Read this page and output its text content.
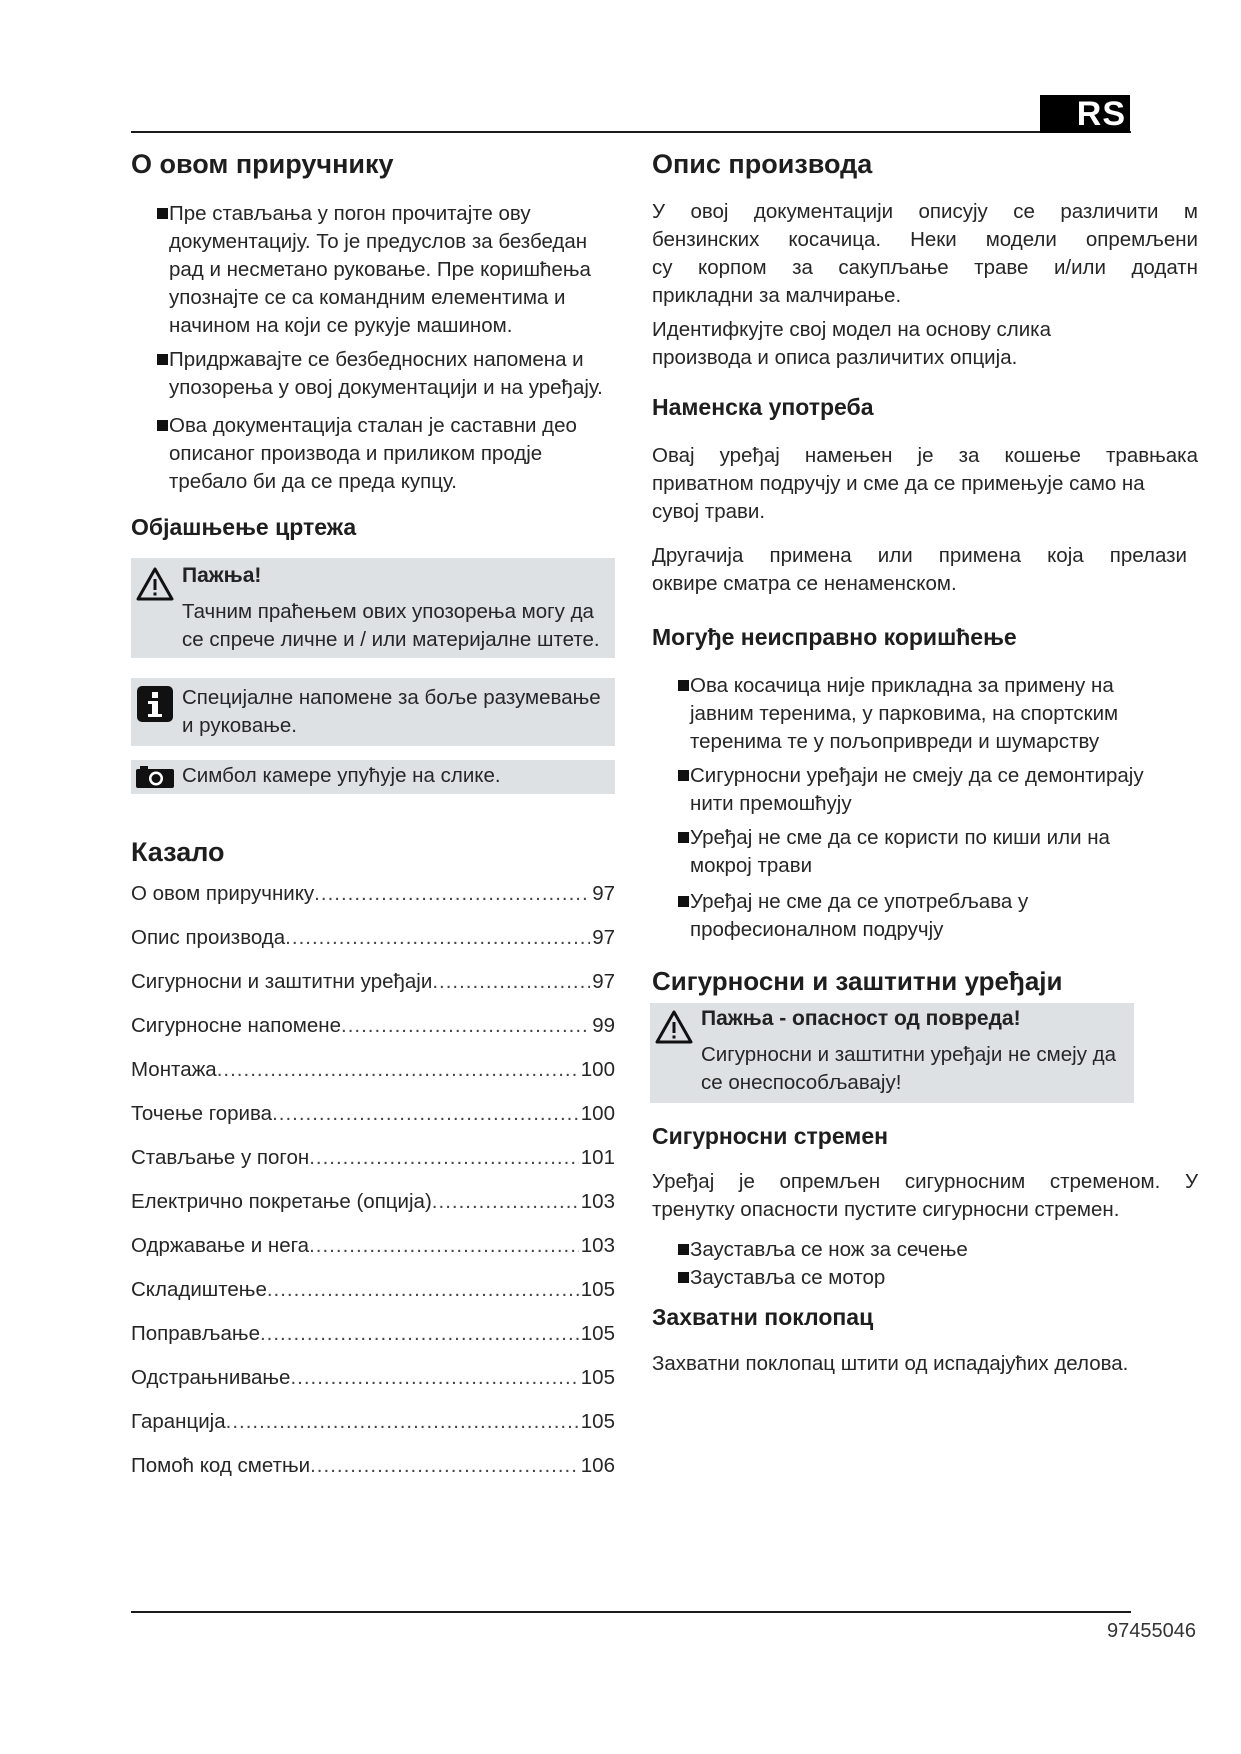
RS
О овом приручнику
Пре стављања у погон прочитајте ову документацију. То је предуслов за безбедан рад и несметано руковање. Пре коришћења упознајте се са командним елементима и начином на који се рукује машином.
Придржавајте се безбедносних напомена и упозорења у овој документацији и на уређају.
Ова документација сталан је саставни део описаног производа и приликом продје требало би да се преда купцу.
Објашњење цртежа
Пажња!

Тачним праћењем ових упозорења могу да се спрече личне и / или материјалне штете.

Специјалне напомене за боље разумевање и руковање.

Симбол камере упућује на слике.

Казало
О овом приручнику .....	97
Опис производа .....	97
Сигурносни и заштитни уређаји .....	97
Сигурносне напомене .....	99
Монтажа .....	100
Точење горива .....	100
Стављање у погон .....	101
Електрично покретање (опција) .....	103
Одржавање и нега .....	103
Складиштење .....	105
Поправљање .....	105
Одстрањнивање .....	105
Гаранција .....	105
Помоћ код сметњи .....	106
Опис производа

У овој документацији описују се различити м

бензинских косачица. Неки модели опремљени

су корпом за сакупљање траве и/или додатн

прикладни за малчирање.

Идентифкујте свој модел на основу слика производа и описа различитих опција.

Наменска употреба

Овај уређај намењен је за кошење травњака

приватном подручју и сме да се примењује само на

сувој трави.

Другачија примена или примена која прелази

оквире сматра се ненаменском.

Могуђе неисправно коришћење
Ова косачица није прикладна за примену на јавним теренима, у парковима, на спортским теренима те у пољопривреди и шумарству
Сигурносни уређаји не смеју да се демонтирају нити премошћују
Уређај не сме да се користи по киши или на мокрој трави
Уређај не сме да се употребљава у професионалном подручју
Сигурносни и заштитни уређаји
Пажња - опасност од повреда!

Сигурносни и заштитни уређаји не смеју да се онеспособљавају!

Сигурносни стремен

Уређај је опремљен сигурносним стременом. У

тренутку опасности пустите сигурносни стремен.

Зауставља се нож за сечење
Зауставља се мотор
Захватни поклопац

Захватни поклопац штити од испадајућих делова.

97455046
